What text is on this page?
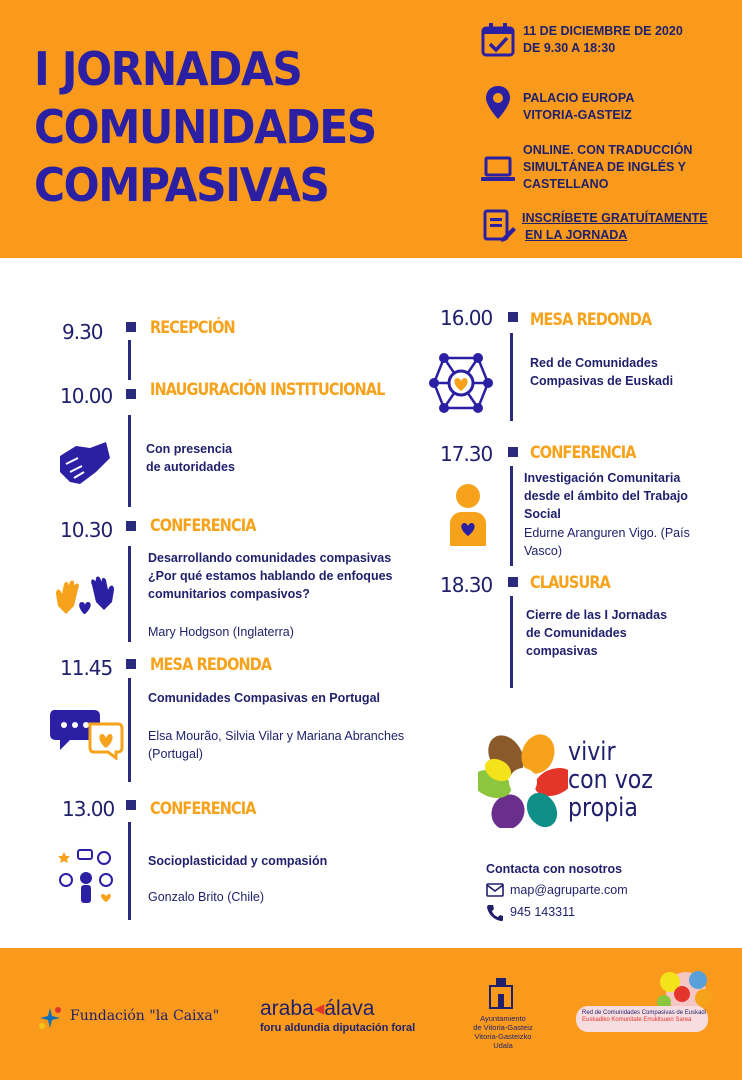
I JORNADAS
COMUNIDADES
COMPASIVAS
11 DE DICIEMBRE DE 2020
DE 9.30 A 18:30
PALACIO EUROPA
VITORIA-GASTEIZ
ONLINE. CON TRADUCCIÓN
SIMULTÁNEA DE INGLÉS Y
CASTELLANO
INSCRÍBETE GRATUÍTAMENTE
EN LA JORNADA
9.30	RECEPCIÓN
10.00 INAUGURACIÓN INSTITUCIONAL
Con presencia
de autoridades
10.30 CONFERENCIA
Desarrollando comunidades compasivas
¿Por qué estamos hablando de enfoques
comunitarios compasivos?
Mary Hodgson (Inglaterra)
11.45 MESA REDONDA
Comunidades Compasivas en Portugal
Elsa Mourão, Silvia Vilar y Mariana Abranches
(Portugal)
13.00 CONFERENCIA
Socioplasticidad y compasión
Gonzalo Brito (Chile)
16.00 MESA REDONDA
Red de Comunidades
Compasivas de Euskadi
17.30 CONFERENCIA
Investigación Comunitaria
desde el ámbito del Trabajo
Social
Edurne Aranguren Vigo. (País
Vasco)
18.30 CLAUSURA
Cierre de las I Jornadas
de Comunidades
compasivas
vivir
con voz
propia
Contacta con nosotros
map@agruparte.com
945 143311
Fundación "la Caixa" araba◂álava
foru aldundia diputación foral
Ayuntamiento
de Vitoria-Gasteiz
Vitoria-Gasteizko
Udala
Red de Comunidades Compasivas de Euskadi
Euskadiko Komunitate Errukitsuen Sarea
